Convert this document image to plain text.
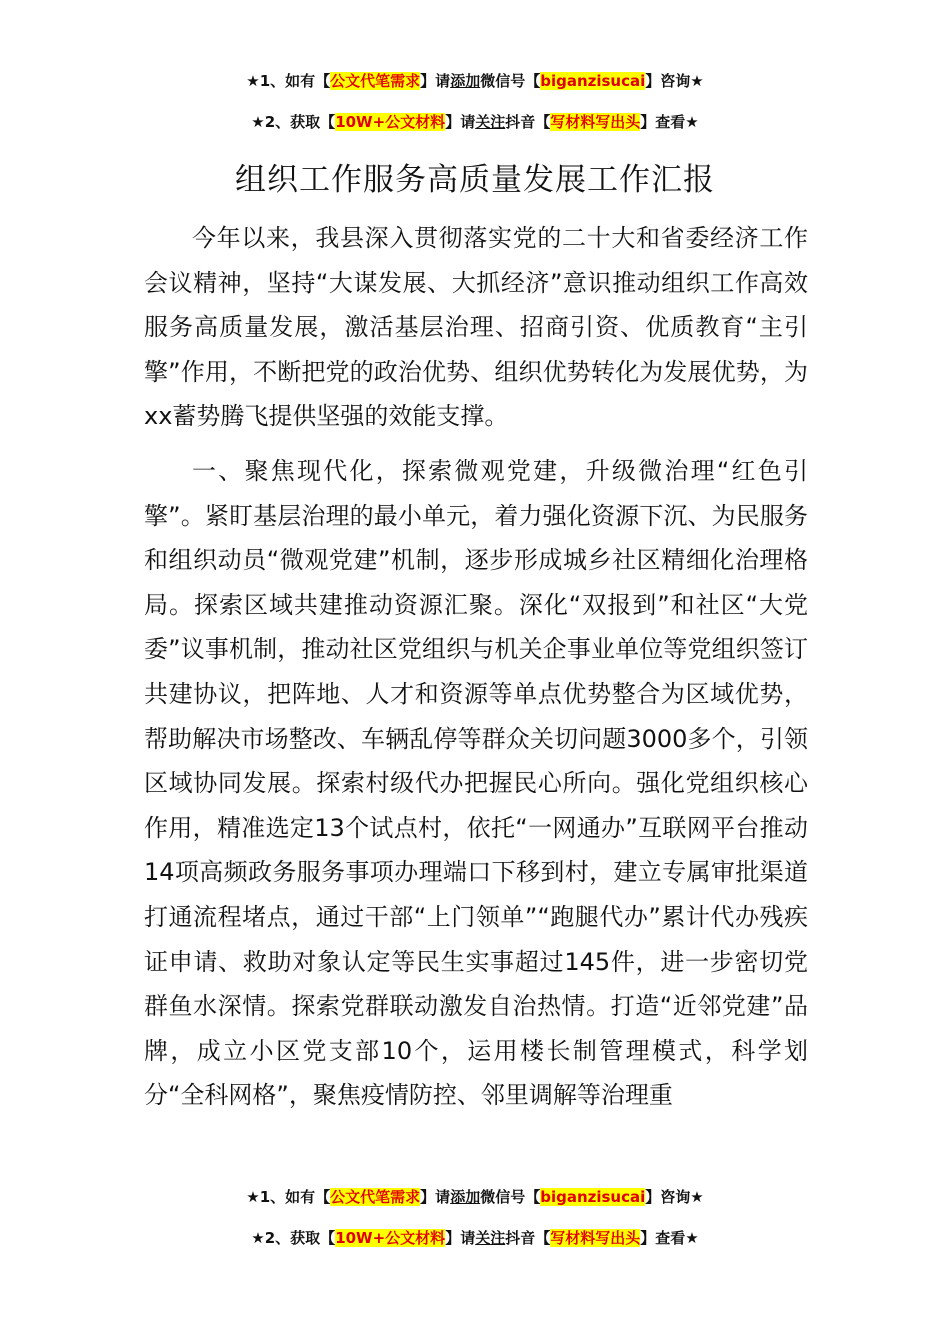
★1、如有【公文代笔需求】请添加微信号【biganzisucai】咨询★
★2、获取【10W+公文材料】请关注抖音【写材料写出头】查看★
组织工作服务高质量发展工作汇报

今年以来，我县深入贯彻落实党的二十大和省委经济工作会议精神，坚持“大谋发展、大抓经济”意识推动组织工作高效服务高质量发展，激活基层治理、招商引资、优质教育“主引擎”作用，不断把党的政治优势、组织优势转化为发展优势，为xx蓄势腾飞提供坚强的效能支撑。

一、聚焦现代化，探索微观党建，升级微治理“红色引擎”。紧盯基层治理的最小单元，着力强化资源下沉、为民服务和组织动员“微观党建”机制，逐步形成城乡社区精细化治理格局。探索区域共建推动资源汇聚。深化“双报到”和社区“大党委”议事机制，推动社区党组织与机关企事业单位等党组织签订共建协议，把阵地、人才和资源等单点优势整合为区域优势，帮助解决市场整改、车辆乱停等群众关切问题3000多个，引领区域协同发展。探索村级代办把握民心所向。强化党组织核心作用，精准选定13个试点村，依托“一网通办”互联网平台推动14项高频政务服务事项办理端口下移到村，建立专属审批渠道打通流程堵点，通过干部“上门领单”“跑腿代办”累计代办残疾证申请、救助对象认定等民生实事超过145件，进一步密切党群鱼水深情。探索党群联动激发自治热情。打造“近邻党建”品牌，成立小区党支部10个，运用楼长制管理模式，科学划分“全科网格”，聚焦疫情防控、邻里调解等治理重

★1、如有【公文代笔需求】请添加微信号【biganzisucai】咨询★
★2、获取【10W+公文材料】请关注抖音【写材料写出头】查看★
